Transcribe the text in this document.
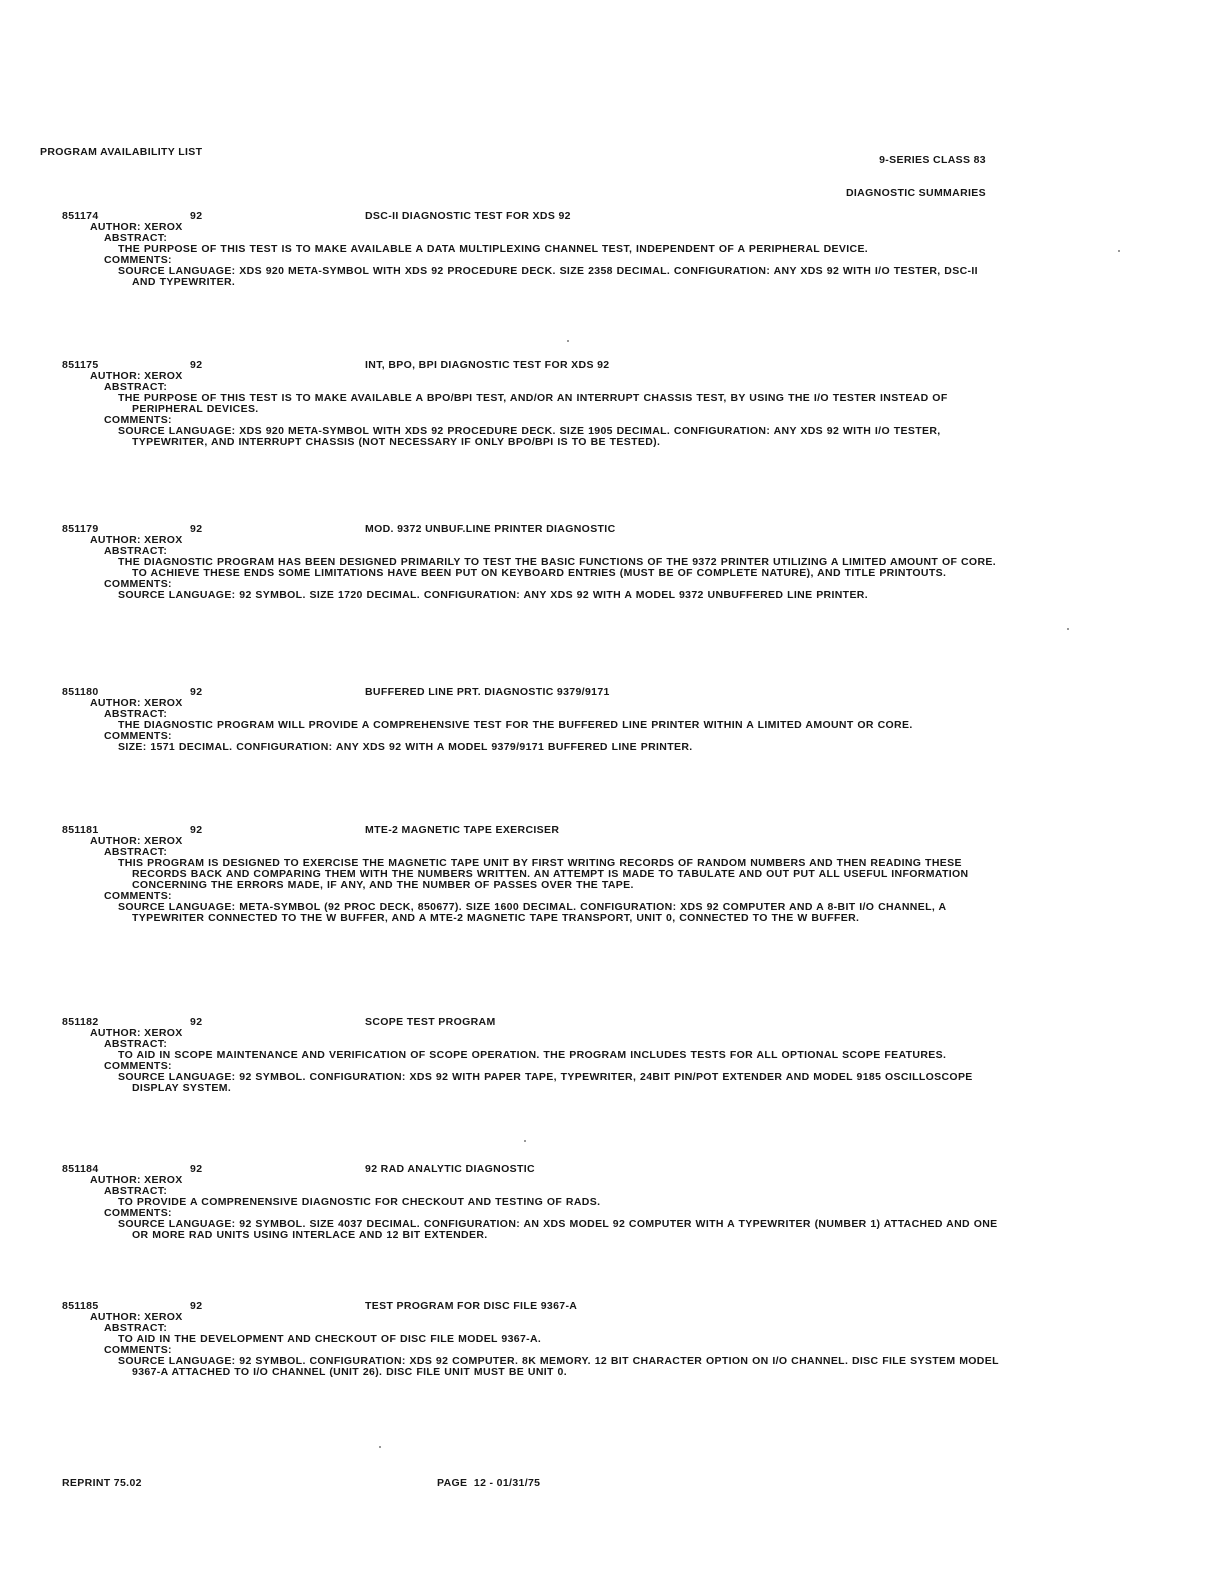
PROGRAM AVAILABILITY LIST

9-SERIES CLASS 83

DIAGNOSTIC SUMMARIES

851174	92	DSC-II DIAGNOSTIC TEST FOR XDS 92
AUTHOR: XEROX
ABSTRACT:
THE PURPOSE OF THIS TEST IS TO MAKE AVAILABLE A DATA MULTIPLEXING CHANNEL TEST, INDEPENDENT OF A PERIPHERAL DEVICE.
COMMENTS:
SOURCE LANGUAGE: XDS 920 META-SYMBOL WITH XDS 92 PROCEDURE DECK. SIZE 2358 DECIMAL. CONFIGURATION: ANY XDS 92 WITH I/O TESTER, DSC-II AND TYPEWRITER.
851175	92	INT, BPO, BPI DIAGNOSTIC TEST FOR XDS 92
AUTHOR: XEROX
ABSTRACT:
THE PURPOSE OF THIS TEST IS TO MAKE AVAILABLE A BPO/BPI TEST, AND/OR AN INTERRUPT CHASSIS TEST, BY USING THE I/O TESTER INSTEAD OF PERIPHERAL DEVICES.
COMMENTS:
SOURCE LANGUAGE: XDS 920 META-SYMBOL WITH XDS 92 PROCEDURE DECK. SIZE 1905 DECIMAL. CONFIGURATION: ANY XDS 92 WITH I/O TESTER, TYPEWRITER, AND INTERRUPT CHASSIS (NOT NECESSARY IF ONLY BPO/BPI IS TO BE TESTED).
851179	92	MOD. 9372 UNBUF.LINE PRINTER DIAGNOSTIC
AUTHOR: XEROX
ABSTRACT:
THE DIAGNOSTIC PROGRAM HAS BEEN DESIGNED PRIMARILY TO TEST THE BASIC FUNCTIONS OF THE 9372 PRINTER UTILIZING A LIMITED AMOUNT OF CORE. TO ACHIEVE THESE ENDS SOME LIMITATIONS HAVE BEEN PUT ON KEYBOARD ENTRIES (MUST BE OF COMPLETE NATURE), AND TITLE PRINTOUTS.
COMMENTS:
SOURCE LANGUAGE: 92 SYMBOL. SIZE 1720 DECIMAL. CONFIGURATION: ANY XDS 92 WITH A MODEL 9372 UNBUFFERED LINE PRINTER.
851180	92	BUFFERED LINE PRT. DIAGNOSTIC 9379/9171
AUTHOR: XEROX
ABSTRACT:
THE DIAGNOSTIC PROGRAM WILL PROVIDE A COMPREHENSIVE TEST FOR THE BUFFERED LINE PRINTER WITHIN A LIMITED AMOUNT OR CORE.
COMMENTS:
SIZE: 1571 DECIMAL. CONFIGURATION: ANY XDS 92 WITH A MODEL 9379/9171 BUFFERED LINE PRINTER.
851181	92	MTE-2 MAGNETIC TAPE EXERCISER
AUTHOR: XEROX
ABSTRACT:
THIS PROGRAM IS DESIGNED TO EXERCISE THE MAGNETIC TAPE UNIT BY FIRST WRITING RECORDS OF RANDOM NUMBERS AND THEN READING THESE RECORDS BACK AND COMPARING THEM WITH THE NUMBERS WRITTEN. AN ATTEMPT IS MADE TO TABULATE AND OUT PUT ALL USEFUL INFORMATION CONCERNING THE ERRORS MADE, IF ANY, AND THE NUMBER OF PASSES OVER THE TAPE.
COMMENTS:
SOURCE LANGUAGE: META-SYMBOL (92 PROC DECK, 850677). SIZE 1600 DECIMAL. CONFIGURATION: XDS 92 COMPUTER AND A 8-BIT I/O CHANNEL, A TYPEWRITER CONNECTED TO THE W BUFFER, AND A MTE-2 MAGNETIC TAPE TRANSPORT, UNIT 0, CONNECTED TO THE W BUFFER.
851182	92	SCOPE TEST PROGRAM
AUTHOR: XEROX
ABSTRACT:
TO AID IN SCOPE MAINTENANCE AND VERIFICATION OF SCOPE OPERATION. THE PROGRAM INCLUDES TESTS FOR ALL OPTIONAL SCOPE FEATURES.
COMMENTS:
SOURCE LANGUAGE: 92 SYMBOL. CONFIGURATION: XDS 92 WITH PAPER TAPE, TYPEWRITER, 24BIT PIN/POT EXTENDER AND MODEL 9185 OSCILLOSCOPE DISPLAY SYSTEM.
851184	92	92 RAD ANALYTIC DIAGNOSTIC
AUTHOR: XEROX
ABSTRACT:
TO PROVIDE A COMPRENENSIVE DIAGNOSTIC FOR CHECKOUT AND TESTING OF RADS.
COMMENTS:
SOURCE LANGUAGE: 92 SYMBOL. SIZE 4037 DECIMAL. CONFIGURATION: AN XDS MODEL 92 COMPUTER WITH A TYPEWRITER (NUMBER 1) ATTACHED AND ONE OR MORE RAD UNITS USING INTERLACE AND 12 BIT EXTENDER.
851185	92	TEST PROGRAM FOR DISC FILE 9367-A
AUTHOR: XEROX
ABSTRACT:
TO AID IN THE DEVELOPMENT AND CHECKOUT OF DISC FILE MODEL 9367-A.
COMMENTS:
SOURCE LANGUAGE: 92 SYMBOL. CONFIGURATION: XDS 92 COMPUTER. 8K MEMORY. 12 BIT CHARACTER OPTION ON I/O CHANNEL. DISC FILE SYSTEM MODEL 9367-A ATTACHED TO I/O CHANNEL (UNIT 26). DISC FILE UNIT MUST BE UNIT 0.
REPRINT 75.02	PAGE  12 - 01/31/75
